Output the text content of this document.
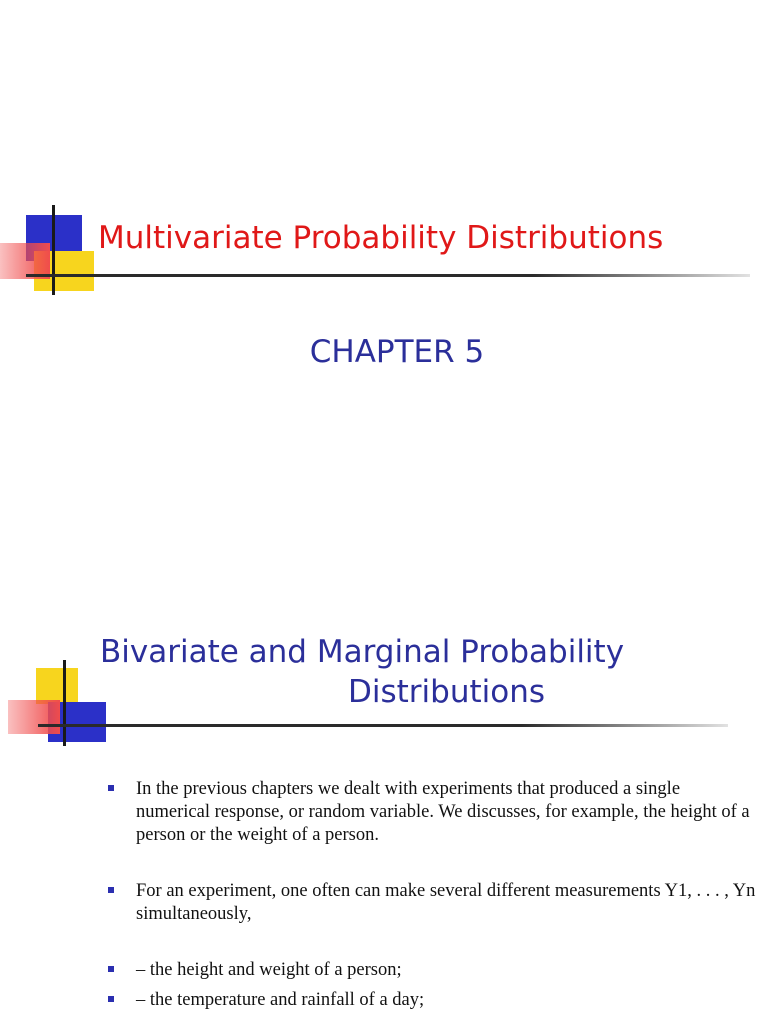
Multivariate Probability Distributions
CHAPTER 5
Bivariate and Marginal Probability
Distributions
In the previous chapters we dealt with experiments that produced a single numerical response, or random variable. We discusses, for example, the height of a person or the weight of a person.
For an experiment, one often can make several different measurements Y1, . . . , Yn simultaneously,
– the height and weight of a person;
– the temperature and rainfall of a day;
